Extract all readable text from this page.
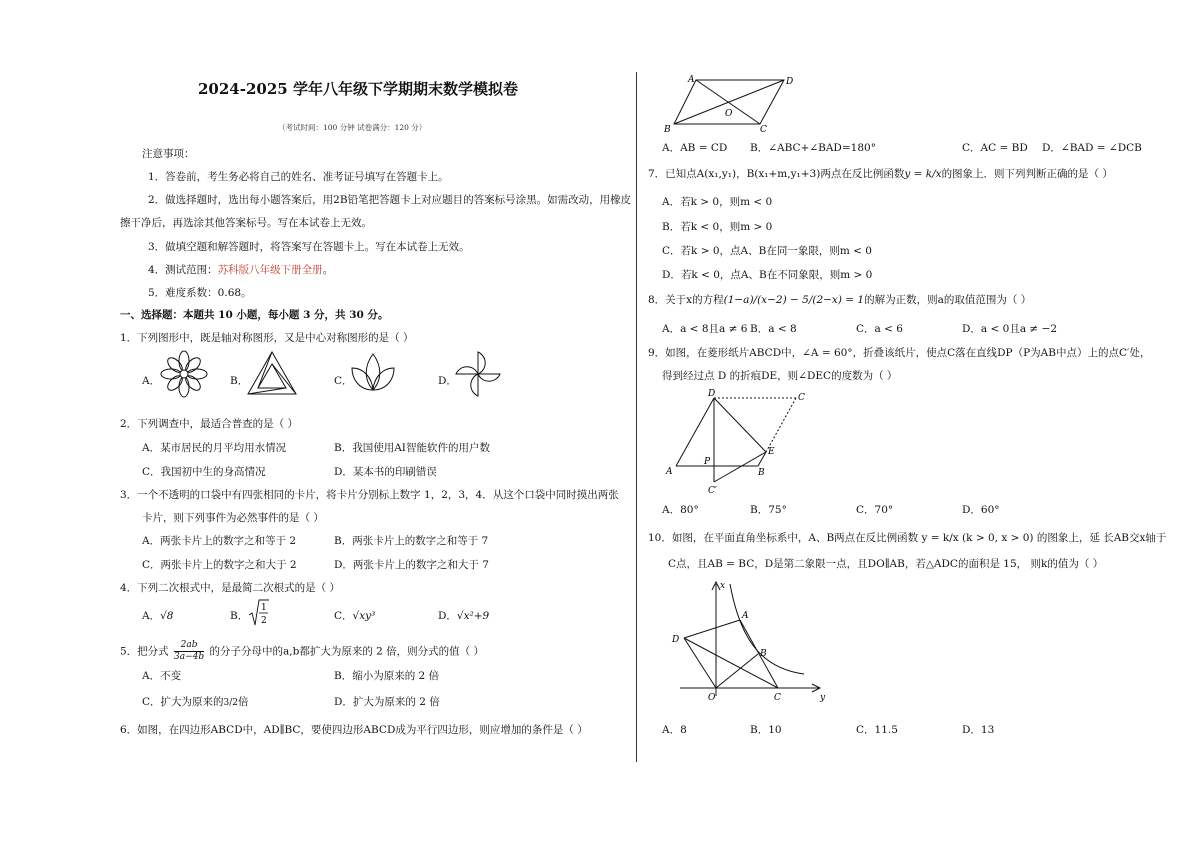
2024-2025 学年八年级下学期期末数学模拟卷
（考试时间：100 分钟 试卷满分：120 分）
注意事项：
1．答卷前，考生务必将自己的姓名、准考证号填写在答题卡上。
2．做选择题时，选出每小题答案后，用2B铅笔把答题卡上对应题目的答案标号涂黑。如需改动，用橡皮
擦干净后，再选涂其他答案标号。写在本试卷上无效。
3．做填空题和解答题时，将答案写在答题卡上。写在本试卷上无效。
4．测试范围：苏科版八年级下册全册。
5．难度系数：0.68。
一、选择题：本题共 10 小题，每小题 3 分，共 30 分。
1．下列图形中，既是轴对称图形，又是中心对称图形的是（ ）
A．	B．	C．	D．
2．下列调查中，最适合普查的是（ ）
A．某市居民的月平均用水情况	B．我国使用AI智能软件的用户数
C．我国初中生的身高情况	D．某本书的印刷错误
3．一个不透明的口袋中有四张相同的卡片，将卡片分别标上数字 1，2，3，4．从这个口袋中同时摸出两张
卡片，则下列事件为必然事件的是（ ）
A．两张卡片上的数字之和等于 2	B．两张卡片上的数字之和等于 7
C．两张卡片上的数字之和大于 2	D．两张卡片上的数字之和大于 7
4．下列二次根式中，是最简二次根式的是（ ）
A．√8	B．
1
2	C．√xy³	D．√x²+9
5．把分式 $\frac{2ab}{3a-4b}$ 的分子分母中的a,b都扩大为原来的 2 倍，则分式的值（ ）
A．不变	B．缩小为原来的 2 倍
C．扩大为原来的3/2倍	D．扩大为原来的 2 倍
6．如图，在四边形ABCD中，AD∥BC，要使四边形ABCD成为平行四边形，则应增加的条件是（ ）
A	D
B	C
O
A．AB = CD B．∠ABC+∠BAD=180°	C．AC = BD D．∠BAD = ∠DCB
7．已知点A(x₁,y₁)，B(x₁+m,y₁+3)两点在反比例函数y = k/x的图象上．则下列判断正确的是（ ）
A．若k > 0，则m < 0
B．若k < 0，则m > 0
C．若k > 0，点A、B在同一象限，则m < 0
D．若k < 0，点A、B在不同象限，则m > 0
8．关于x的方程(1−a)/(x−2) − 5/(2−x) = 1的解为正数，则a的取值范围为（ ）
A．a < 8且a ≠ 6 B．a < 8	C．a < 6	D．a < 0且a ≠ −2
9．如图，在菱形纸片ABCD中，∠A = 60°，折叠该纸片，使点C落在直线DP（P为AB中点）上的点C′处，
得到经过点 D 的折痕DE，则∠DEC的度数为（ ）
D	C
A	B
E
P
C′
A．80°	B．75°	C．70°	D．60°
10．如图，在平面直角坐标系中，A、B两点在反比例函数 y = k/x (k > 0, x > 0) 的图象上，延 长AB交x轴于
C点，且AB = BC，D是第二象限一点，且DO∥AB，若△ADC的面积是 15， 则k的值为（ ）
x
y
O
A
B
C
D
A．8	B．10	C．11.5	D．13
